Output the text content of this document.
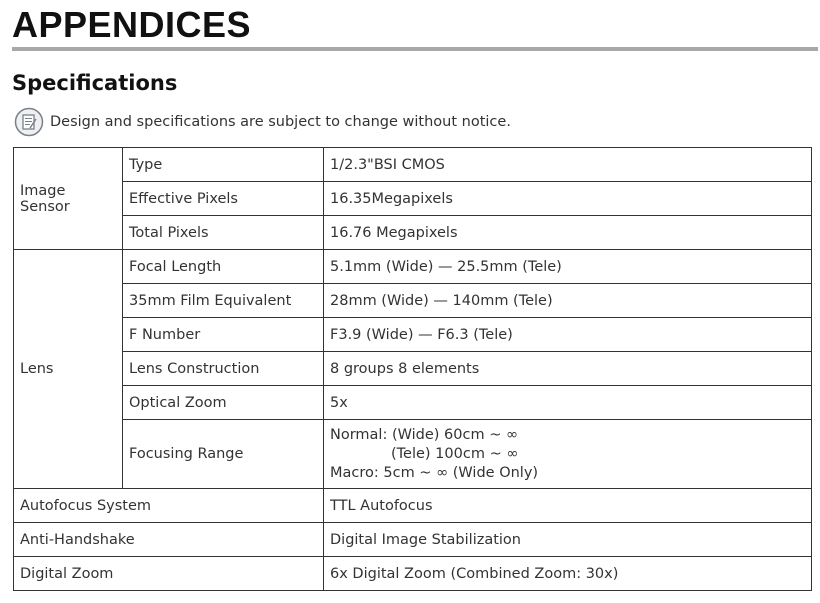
APPENDICES
Specifications
Design and specifications are subject to change without notice.
Image Sensor	Type	1/2.3"BSI CMOS
	Effective Pixels	16.35Megapixels
	Total Pixels	16.76 Megapixels
Lens	Focal Length	5.1mm (Wide) — 25.5mm (Tele)
	35mm Film Equivalent	28mm (Wide) — 140mm (Tele)
	F Number	F3.9 (Wide) — F6.3 (Tele)
	Lens Construction	8 groups 8 elements
	Optical Zoom	5x
	Focusing Range	Normal: (Wide) 60cm ~ ∞
(Tele) 100cm ~ ∞
Macro: 5cm ~ ∞ (Wide Only)

Autofocus System		TTL Autofocus
Anti-Handshake		Digital Image Stabilization
Digital Zoom		6x Digital Zoom (Combined Zoom: 30x)
